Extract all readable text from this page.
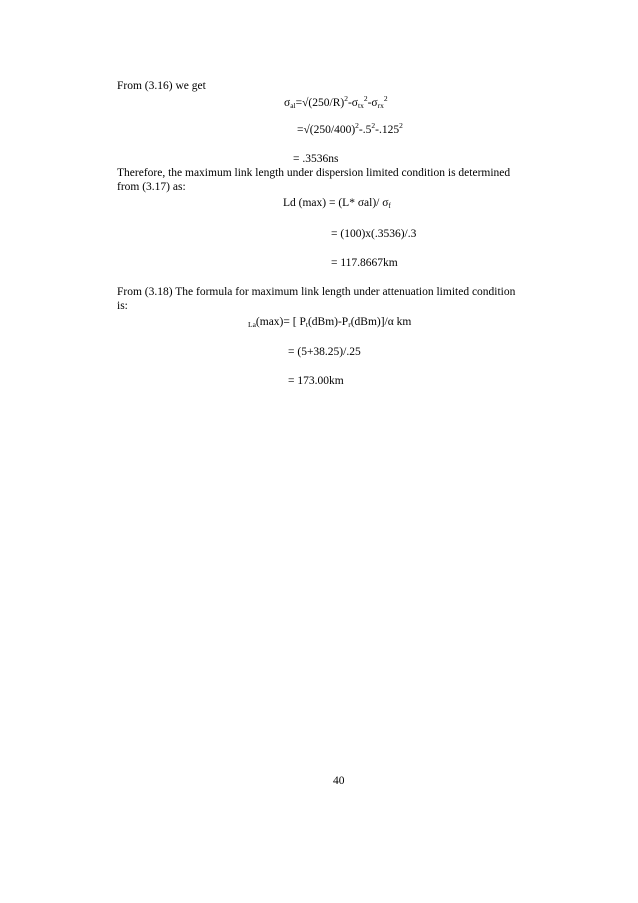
From (3.16) we get
$\sigma_{al}=√(250/R)^2-\sigma_{tx}^2-\sigma_{rx}^2$
$=√(250/400)^2-.5^2-.125^2$
= .3536ns
Therefore, the maximum link length under dispersion limited condition is determined
from (3.17) as:
Ld (max) = (L* σal)/ $\sigma_f$
= (100)x(.3536)/.3
= 117.8667km
From (3.18) The formula for maximum link length under attenuation limited condition
is:
La(max)= [ $P_t(dBm)-P_r(dBm)]/\alpha$ km
= (5+38.25)/.25
= 173.00km
40
